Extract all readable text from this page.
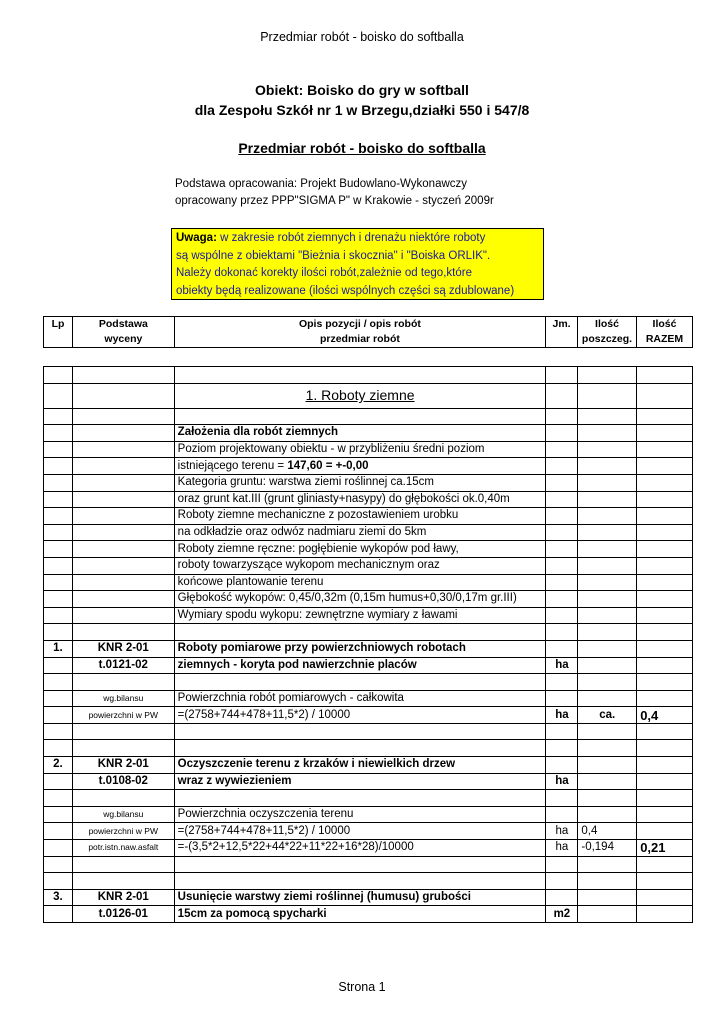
Przedmiar robót - boisko do softballa
Obiekt: Boisko do gry w softball
dla Zespołu Szkół nr 1 w Brzegu,działki 550 i 547/8
Przedmiar robót - boisko do softballa
Podstawa opracowania: Projekt Budowlano-Wykonawczy
opracowany przez PPP"SIGMA P" w Krakowie - styczeń 2009r
Uwaga: w zakresie robót ziemnych i drenażu niektóre roboty
są wspólne z obiektami "Bieżnia i skocznia" i "Boiska ORLIK".
Należy dokonać korekty ilości robót,zależnie od tego,które
obiekty będą realizowane (ilości wspólnych części są zdublowane)
Lp	Podstawa	Opis pozycji / opis robót	Jm.	Ilość	Ilość
	wyceny	przedmiar robót		poszczeg.	RAZEM

		1. Roboty ziemne			

		Założenia dla robót ziemnych			
		Poziom projektowany obiektu - w przybliżeniu średni poziom			
		istniejącego terenu = 147,60 = +-0,00			
		Kategoria gruntu: warstwa ziemi roślinnej ca.15cm			
		oraz grunt kat.III (grunt gliniasty+nasypy) do głębokości ok.0,40m			
		Roboty ziemne mechaniczne z pozostawieniem urobku			
		na odkładzie oraz odwóz nadmiaru ziemi do 5km			
		Roboty ziemne ręczne: pogłębienie wykopów pod ławy,			
		roboty towarzyszące wykopom mechanicznym oraz			
		końcowe plantowanie terenu			
		Głębokość wykopów: 0,45/0,32m (0,15m humus+0,30/0,17m gr.III)			
		Wymiary spodu wykopu: zewnętrzne wymiary z ławami			

1.	KNR 2-01	Roboty pomiarowe przy powierzchniowych robotach			
	t.0121-02	ziemnych - koryta pod nawierzchnie placów	ha		

	wg.bilansu	Powierzchnia robót pomiarowych - całkowita			
	powierzchni w PW	=(2758+744+478+11,5*2) / 10000	ha	ca.	0,4

2.	KNR 2-01	Oczyszczenie terenu z krzaków i niewielkich drzew			
	t.0108-02	wraz z wywiezieniem	ha		

	wg.bilansu	Powierzchnia oczyszczenia terenu			
	powierzchni w PW	=(2758+744+478+11,5*2) / 10000	ha	0,4	
	potr.istn.naw.asfalt	=-(3,5*2+12,5*22+44*22+11*22+16*28)/10000	ha	-0,194	0,21

3.	KNR 2-01	Usunięcie warstwy ziemi roślinnej (humusu) grubości			
	t.0126-01	15cm za pomocą spycharki	m2		
Strona 1
